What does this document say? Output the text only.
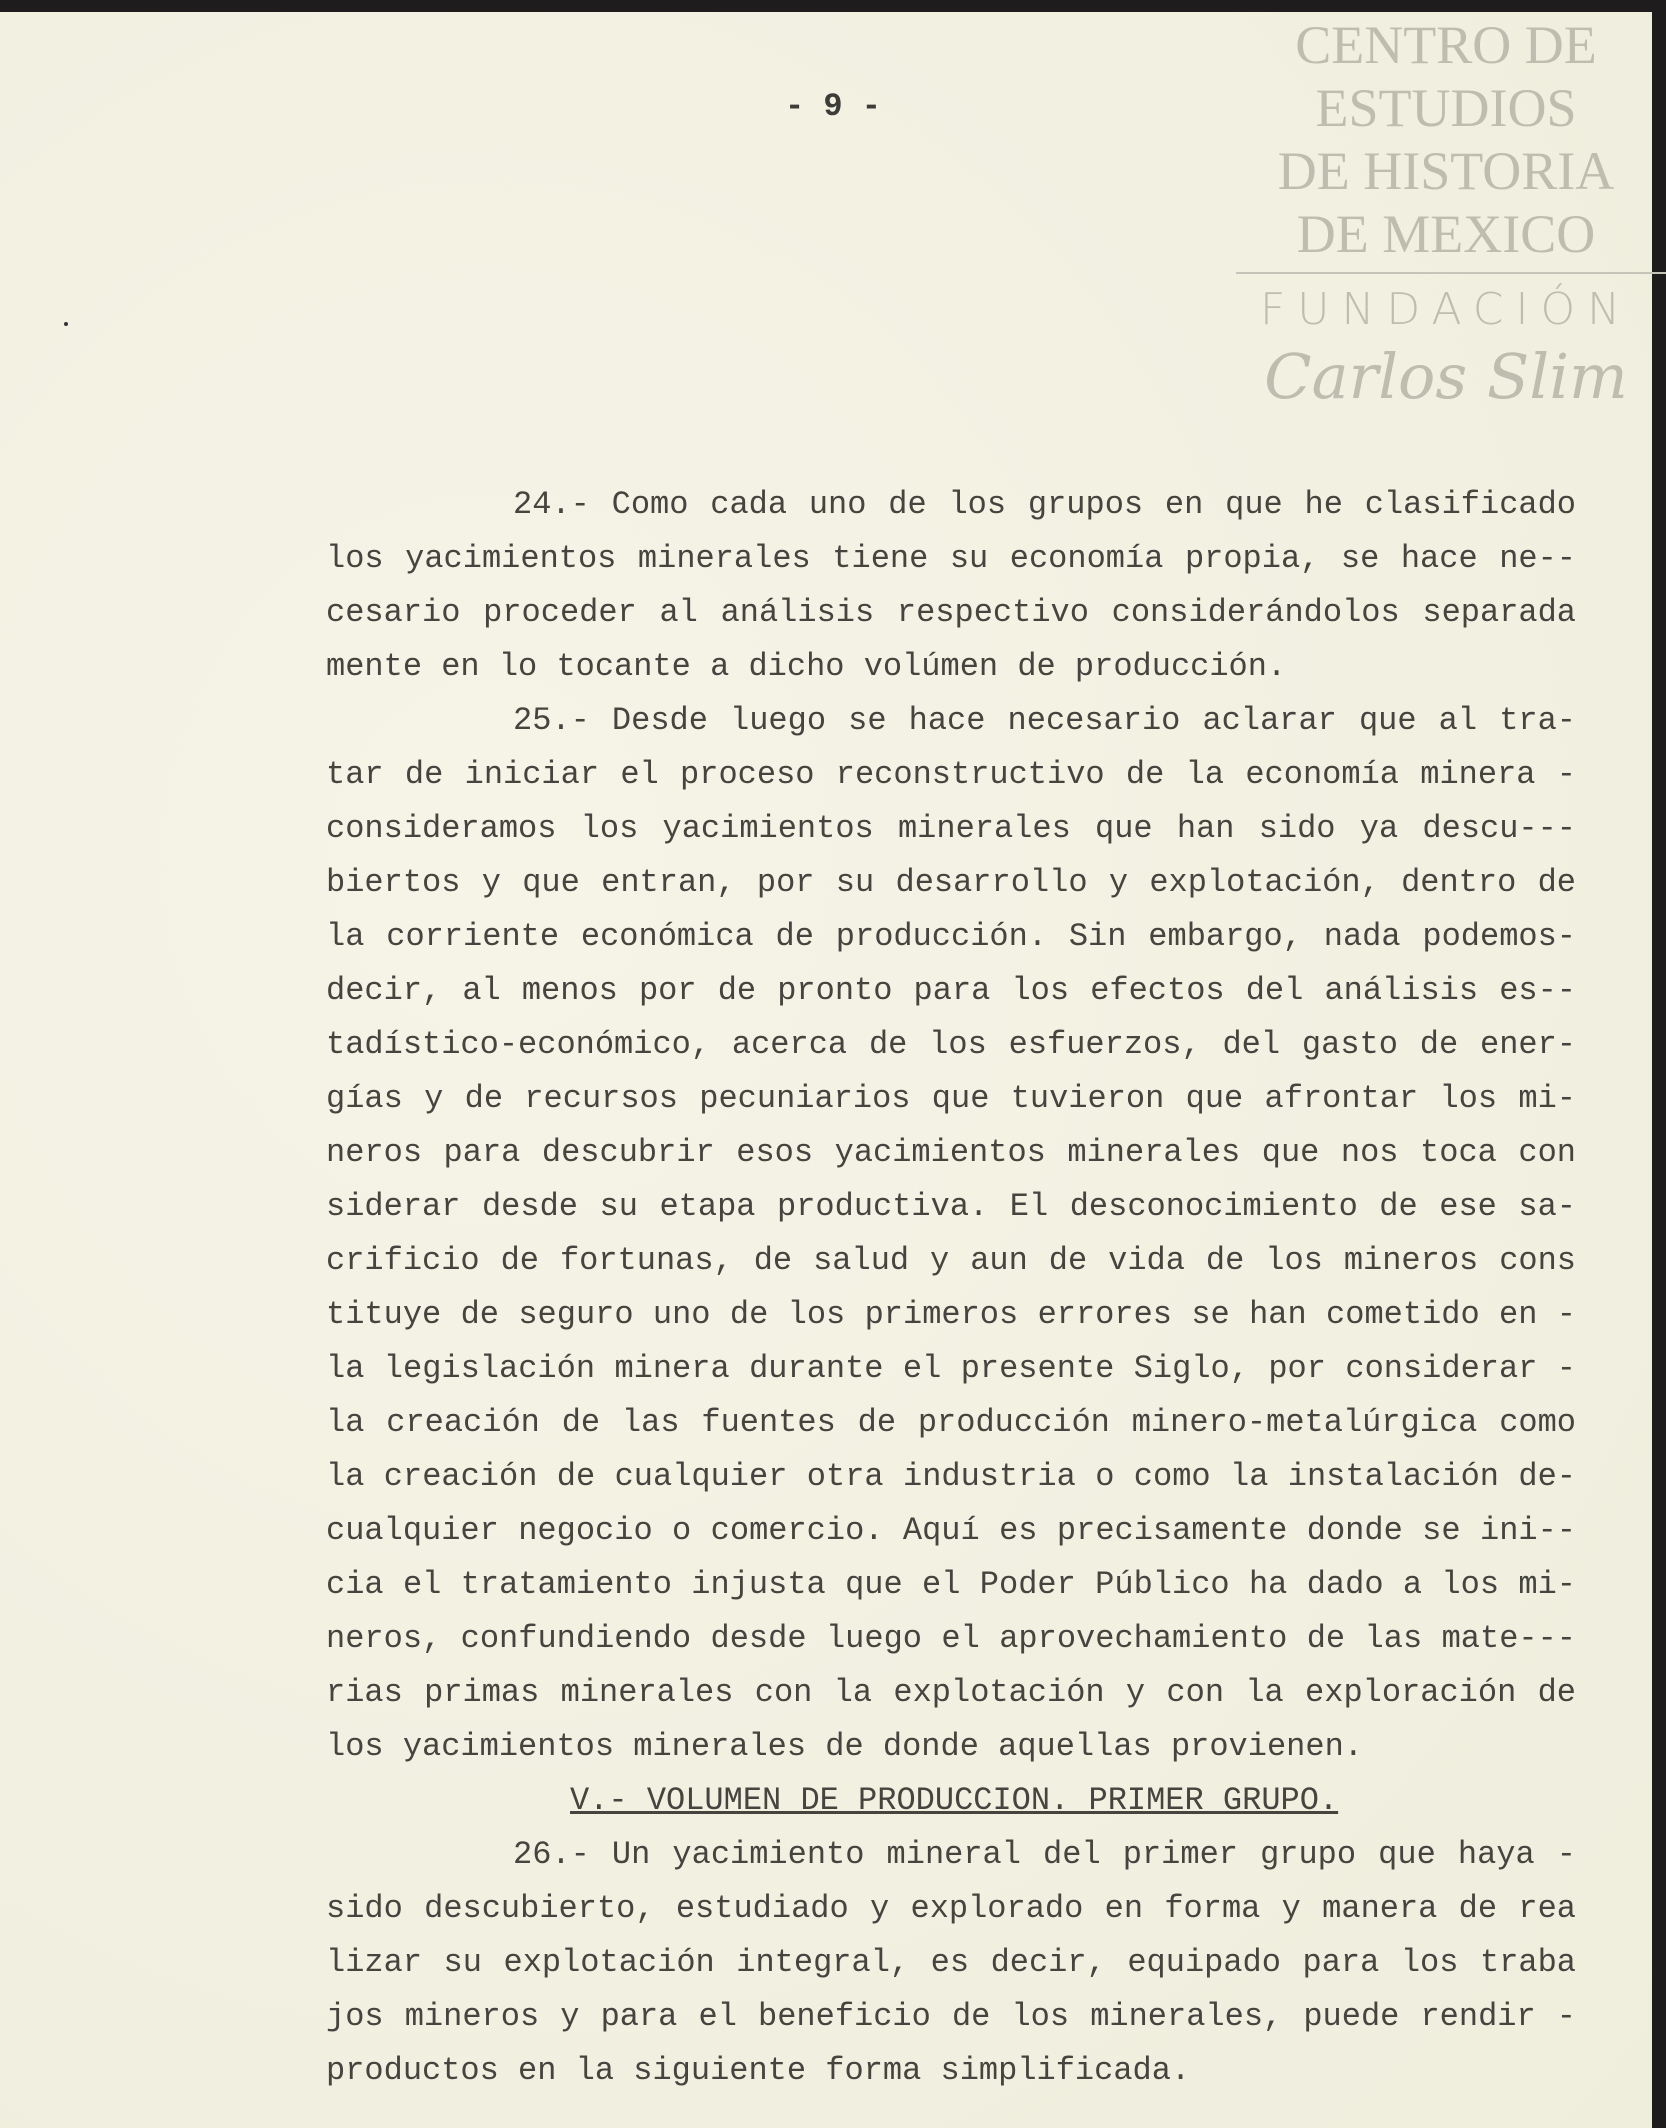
CENTRO DE
ESTUDIOS
DE HISTORIA
DE MEXICO
FUNDACIÓN
Carlos Slim
- 9 -
24.- Como cada uno de los grupos en que he clasificado
los yacimientos minerales tiene su economía propia, se hace ne--
cesario proceder al análisis respectivo considerándolos separada
mente en lo tocante a dicho volúmen de producción.
25.- Desde luego se hace necesario aclarar que al tra-
tar de iniciar el proceso reconstructivo de la economía minera -
consideramos los yacimientos minerales que han sido ya descu---
biertos y que entran, por su desarrollo y explotación, dentro de
la corriente económica de producción. Sin embargo, nada podemos-
decir, al menos por de pronto para los efectos del análisis es--
tadístico-económico, acerca de los esfuerzos, del gasto de ener-
gías y de recursos pecuniarios que tuvieron que afrontar los mi-
neros para descubrir esos yacimientos minerales que nos toca con
siderar desde su etapa productiva. El desconocimiento de ese sa-
crificio de fortunas, de salud y aun de vida de los mineros cons
tituye de seguro uno de los primeros errores se han cometido en -
la legislación minera durante el presente Siglo, por considerar -
la creación de las fuentes de producción minero-metalúrgica como
la creación de cualquier otra industria o como la instalación de-
cualquier negocio o comercio. Aquí es precisamente donde se ini--
cia el tratamiento injusta que el Poder Público ha dado a los mi-
neros, confundiendo desde luego el aprovechamiento de las mate---
rias primas minerales con la explotación y con la exploración de
los yacimientos minerales de donde aquellas provienen.
V.- VOLUMEN DE PRODUCCION. PRIMER GRUPO.
26.- Un yacimiento mineral del primer grupo que haya -
sido descubierto, estudiado y explorado en forma y manera de rea
lizar su explotación integral, es decir, equipado para los traba
jos mineros y para el beneficio de los minerales, puede rendir -
productos en la siguiente forma simplificada.
